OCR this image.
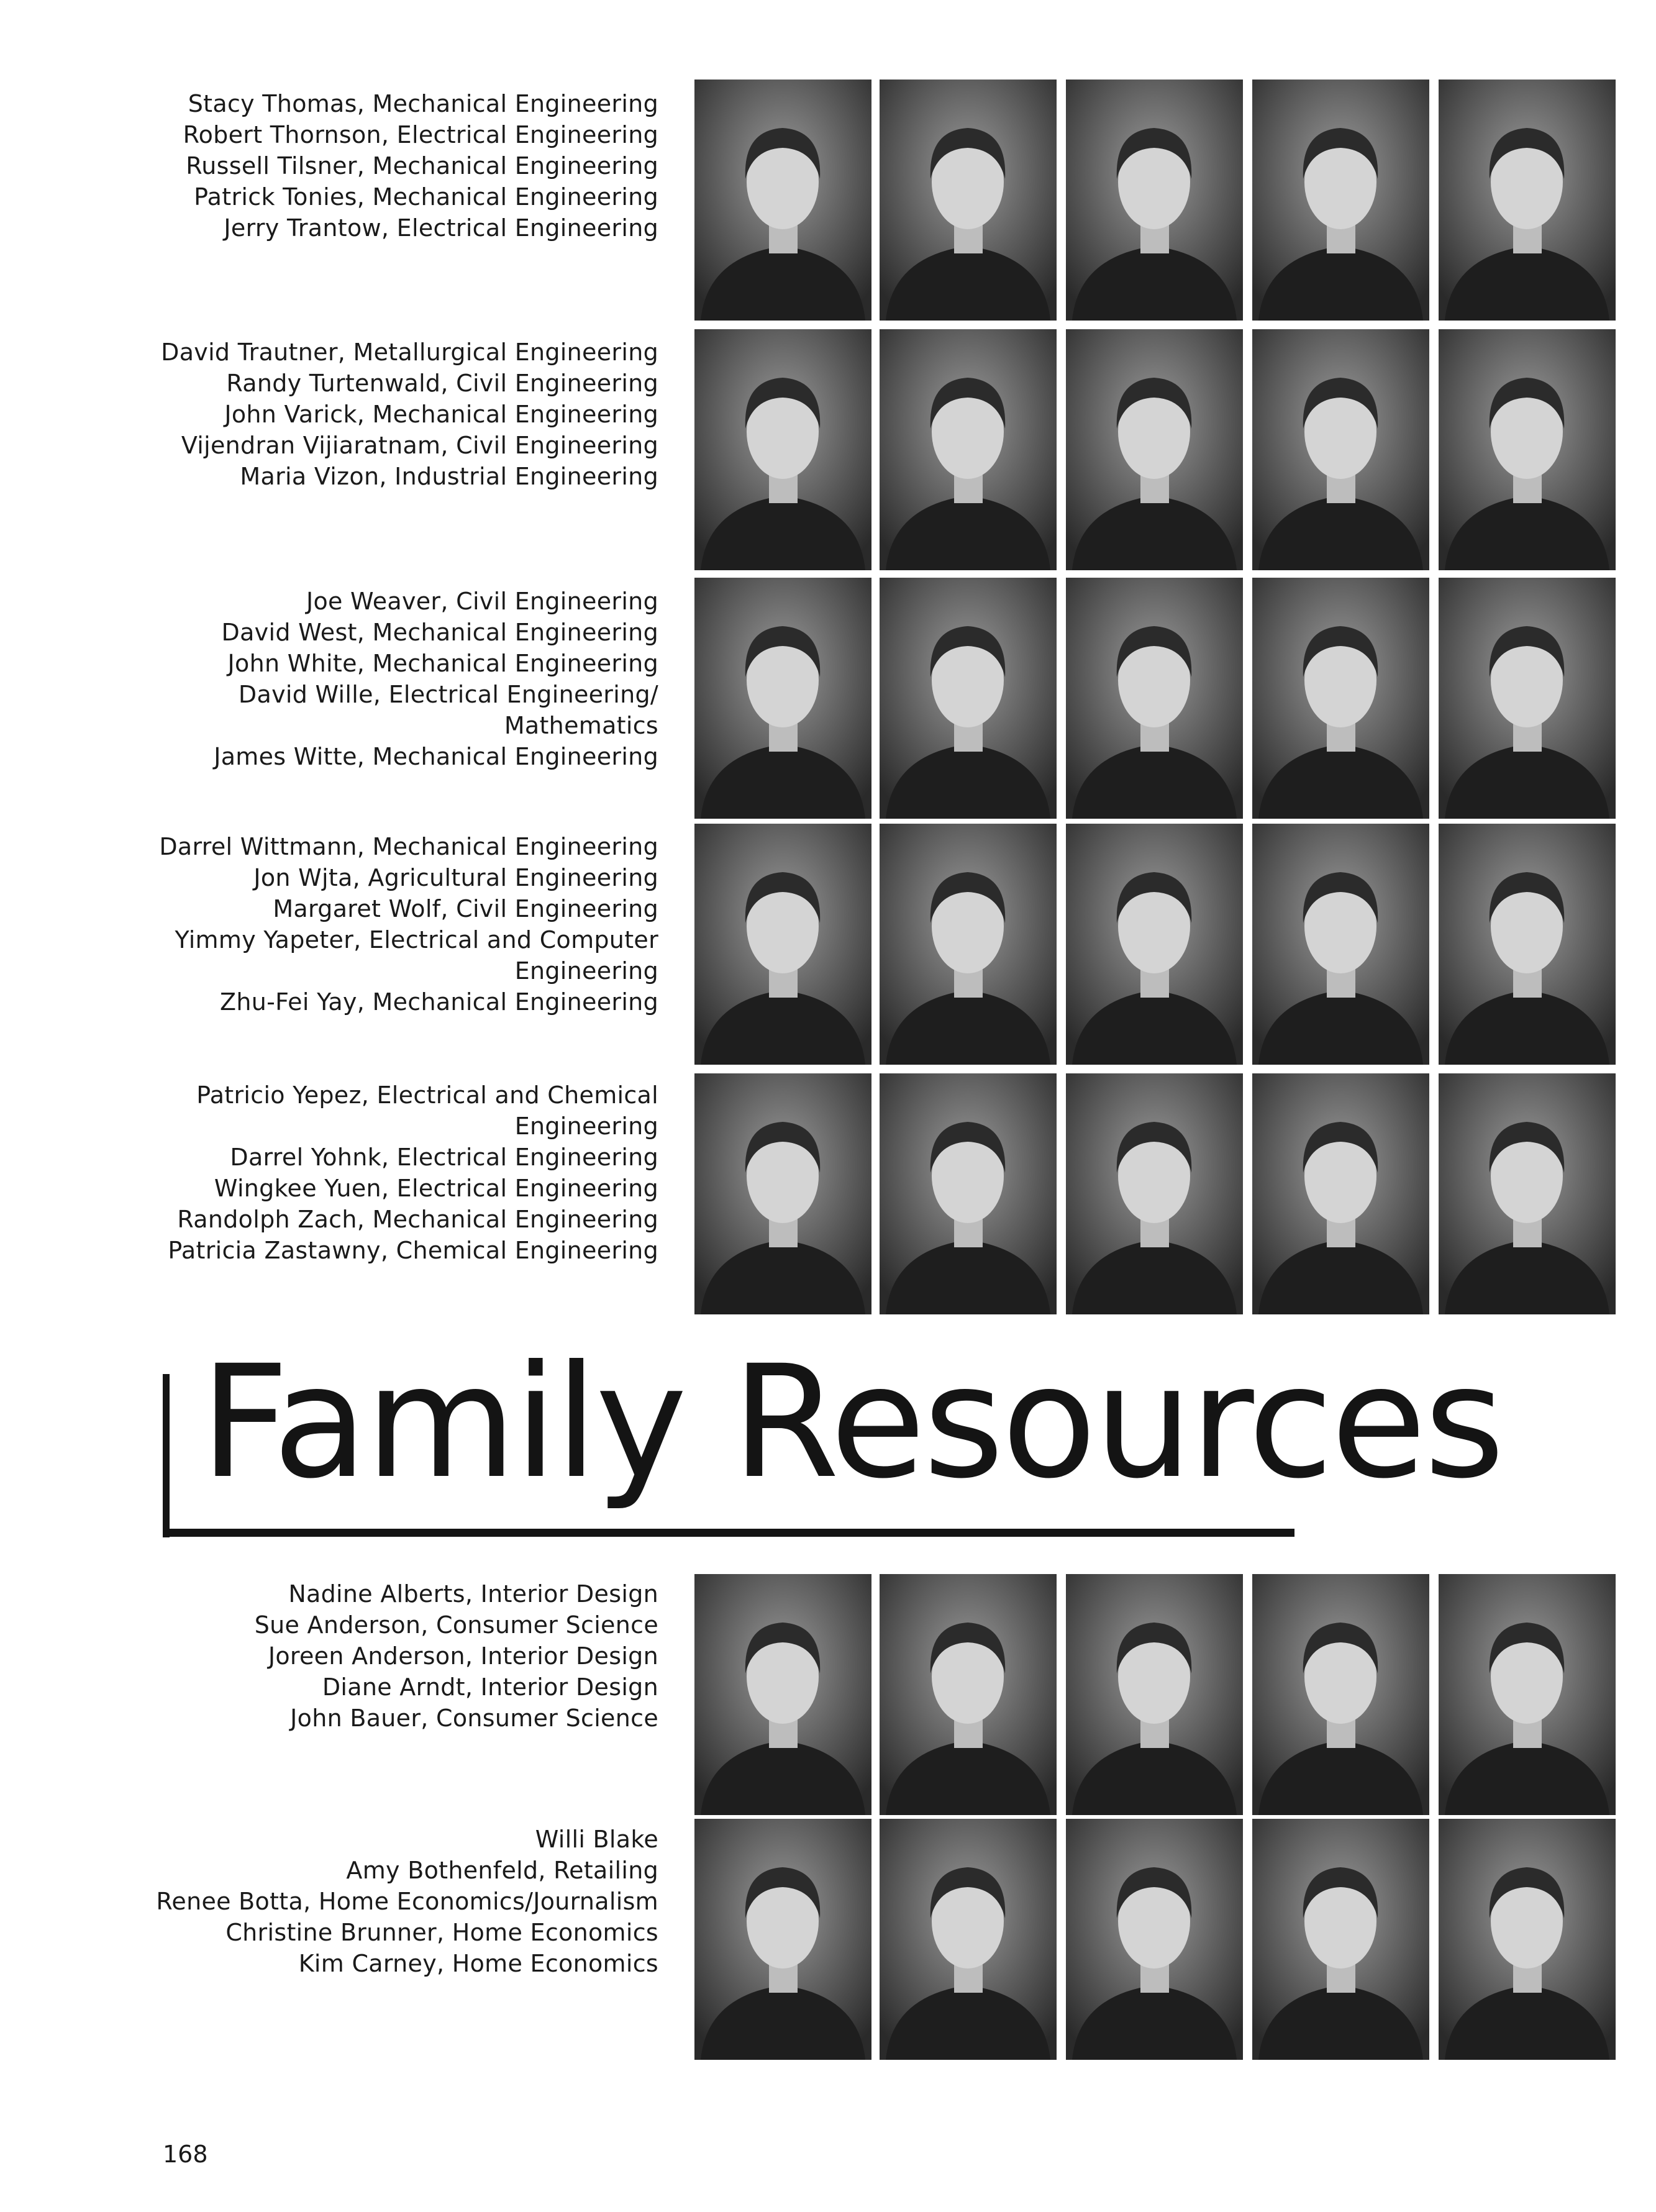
Stacy Thomas, Mechanical Engineering
Robert Thornson, Electrical Engineering
Russell Tilsner, Mechanical Engineering
Patrick Tonies, Mechanical Engineering
Jerry Trantow, Electrical Engineering
David Trautner, Metallurgical Engineering
Randy Turtenwald, Civil Engineering
John Varick, Mechanical Engineering
Vijendran Vijiaratnam, Civil Engineering
Maria Vizon, Industrial Engineering
Joe Weaver, Civil Engineering
David West, Mechanical Engineering
John White, Mechanical Engineering
David Wille, Electrical Engineering/
Mathematics
James Witte, Mechanical Engineering
Darrel Wittmann, Mechanical Engineering
Jon Wjta, Agricultural Engineering
Margaret Wolf, Civil Engineering
Yimmy Yapeter, Electrical and Computer
Engineering
Zhu-Fei Yay, Mechanical Engineering
Patricio Yepez, Electrical and Chemical
Engineering
Darrel Yohnk, Electrical Engineering
Wingkee Yuen, Electrical Engineering
Randolph Zach, Mechanical Engineering
Patricia Zastawny, Chemical Engineering
Family Resources
Nadine Alberts, Interior Design
Sue Anderson, Consumer Science
Joreen Anderson, Interior Design
Diane Arndt, Interior Design
John Bauer, Consumer Science
Willi Blake
Amy Bothenfeld, Retailing
Renee Botta, Home Economics/Journalism
Christine Brunner, Home Economics
Kim Carney, Home Economics
168
